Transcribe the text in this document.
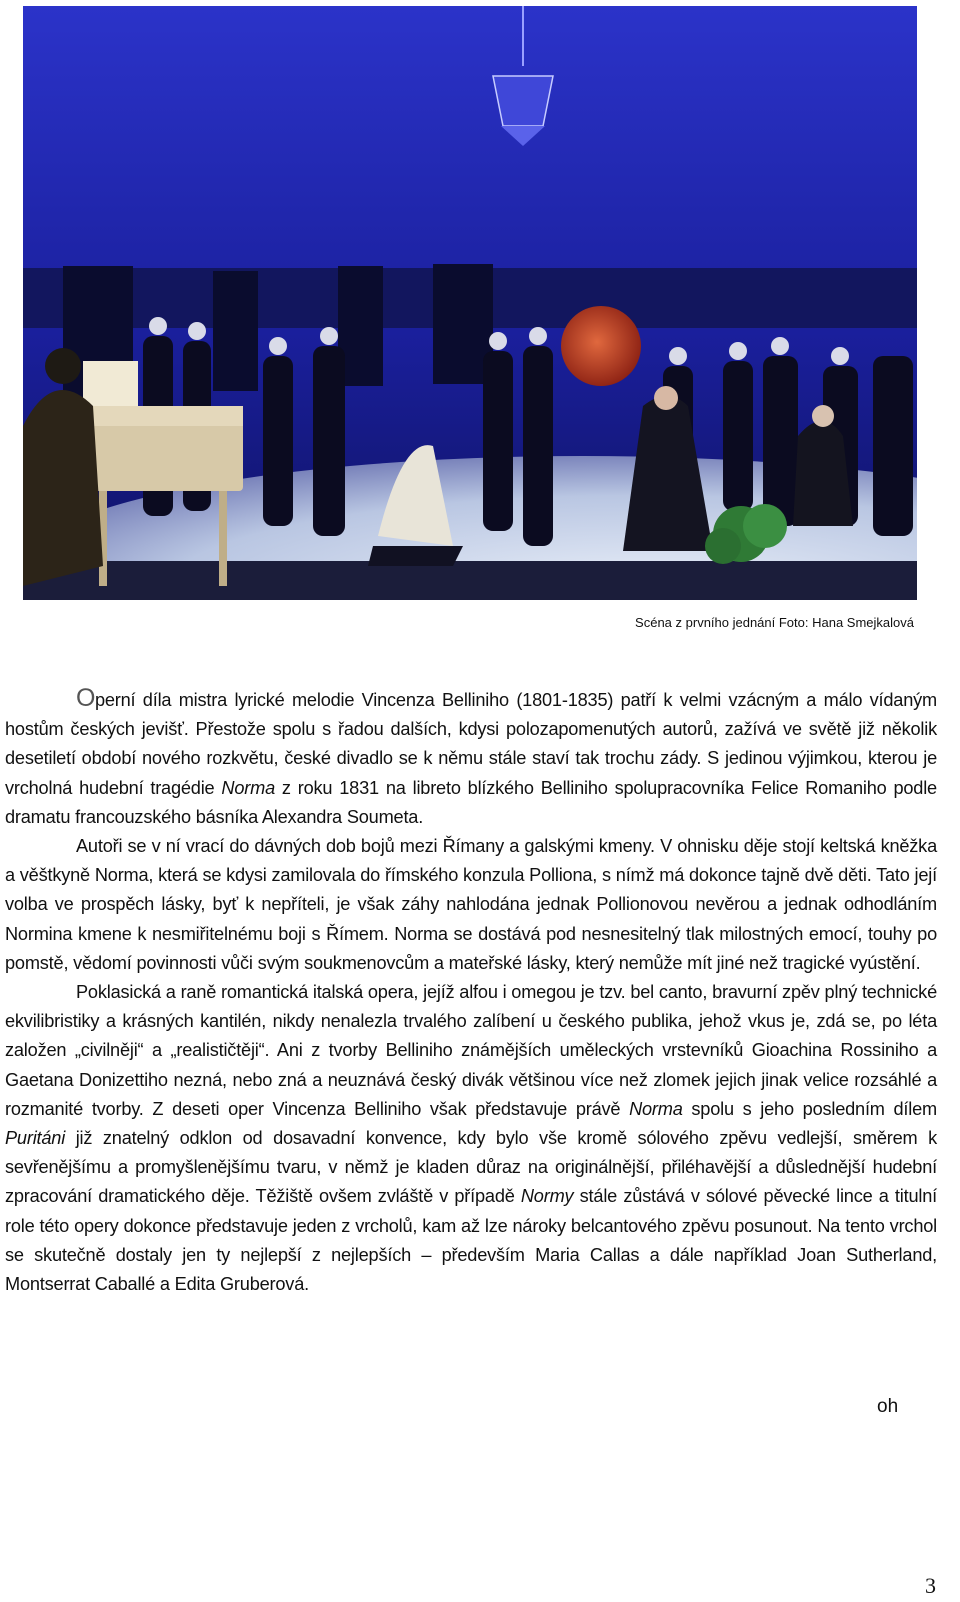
Scéna z prvního jednání Foto: Hana Smejkalová

Operní díla mistra lyrické melodie Vincenza Belliniho (1801-1835) patří k velmi vzácným a málo vídaným hostům českých jevišť. Přestože spolu s řadou dalších, kdysi polozapomenutých autorů, zažívá ve světě již několik desetiletí období nového rozkvětu, české divadlo se k němu stále staví tak trochu zády. S jedinou výjimkou, kterou je vrcholná hudební tragédie Norma z roku 1831 na libreto blízkého Belliniho spolupracovníka Felice Romaniho podle dramatu francouzského básníka Alexandra Soumeta.

Autoři se v ní vrací do dávných dob bojů mezi Římany a galskými kmeny. V ohnisku děje stojí keltská kněžka a věštkyně Norma, která se kdysi zamilovala do římského konzula Polliona, s nímž má dokonce tajně dvě děti. Tato její volba ve prospěch lásky, byť k nepříteli, je však záhy nahlodána jednak Pollionovou nevěrou a jednak odhodláním Normina kmene k nesmiřitelnému boji s Římem. Norma se dostává pod nesnesitelný tlak milostných emocí, touhy po pomstě, vědomí povinnosti vůči svým soukmenovcům a mateřské lásky, který nemůže mít jiné než tragické vyústění.

Poklasická a raně romantická italská opera, jejíž alfou i omegou je tzv. bel canto, bravurní zpěv plný technické ekvilibristiky a krásných kantilén, nikdy nenalezla trvalého zalíbení u českého publika, jehož vkus je, zdá se, po léta založen „civilněji“ a „realističtěji“. Ani z tvorby Belliniho známějších uměleckých vrstevníků Gioachina Rossiniho a Gaetana Donizettiho nezná, nebo zná a neuznává český divák většinou více než zlomek jejich jinak velice rozsáhlé a rozmanité tvorby. Z deseti oper Vincenza Belliniho však představuje právě Norma spolu s jeho posledním dílem Puritáni již znatelný odklon od dosavadní konvence, kdy bylo vše kromě sólového zpěvu vedlejší, směrem k sevřenějšímu a promyšlenějšímu tvaru, v němž je kladen důraz na originálnější, přiléhavější a důslednější hudební zpracování dramatického děje. Těžiště ovšem zvláště v případě Normy stále zůstává v sólové pěvecké lince a titulní role této opery dokonce představuje jeden z vrcholů, kam až lze nároky belcantového zpěvu posunout. Na tento vrchol se skutečně dostaly jen ty nejlepší z nejlepších – především Maria Callas a dále například Joan Sutherland, Montserrat Caballé a Edita Gruberová.

oh
3
